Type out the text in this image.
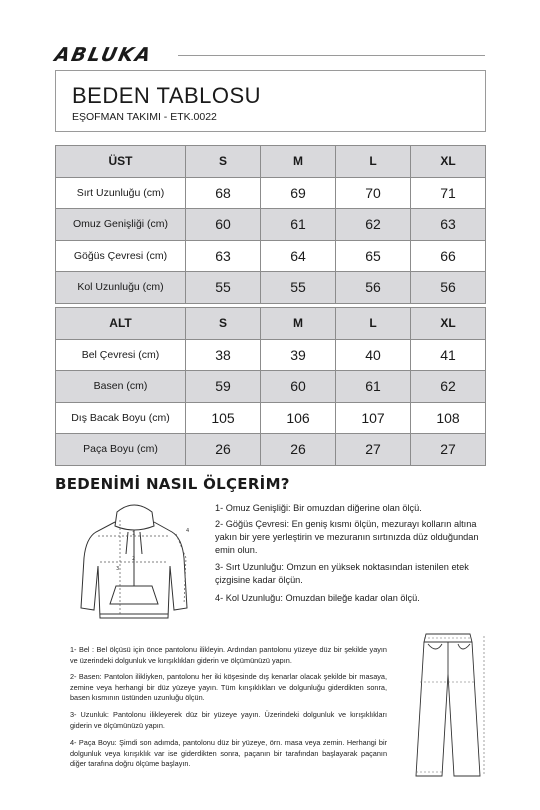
ABLUKA
BEDEN TABLOSU
EŞOFMAN TAKIMI - ETK.0022
ÜST	S	M	L	XL
Sırt Uzunluğu (cm)	68	69	70	71
Omuz Genişliği (cm)	60	61	62	63
Göğüs Çevresi (cm)	63	64	65	66
Kol Uzunluğu (cm)	55	55	56	56
ALT	S	M	L	XL
Bel Çevresi (cm)	38	39	40	41
Basen (cm)	59	60	61	62
Dış Bacak Boyu (cm)	105	106	107	108
Paça Boyu (cm)	26	26	27	27
BEDENİMİ NASIL ÖLÇERİM?
1
2
3
4
1- Omuz Genişliği: Bir omuzdan diğerine olan ölçü.
2- Göğüs Çevresi: En geniş kısmı ölçün, mezurayı kolların altına yakın bir yere yerleştirin ve mezuranın sırtınızda düz olduğundan emin olun.
3- Sırt Uzunluğu: Omzun en yüksek noktasından istenilen etek çizgisine kadar ölçün.
4- Kol Uzunluğu: Omuzdan bileğe kadar olan ölçü.
1- Bel : Bel ölçüsü için önce pantolonu ilikleyin. Ardından pantolonu yüzeye düz bir şekilde yayın ve üzerindeki dolgunluk ve kırışıklıkları giderin ve ölçümünüzü yapın.
2- Basen: Pantolon ilikliyken, pantolonu her iki köşesinde dış kenarlar olacak şekilde bir masaya, zemine veya herhangi bir düz yüzeye yayın. Tüm kırışıklıkları ve dolgunluğu giderdikten sonra, basen kısmının üstünden uzunluğu ölçün.
3- Uzunluk: Pantolonu ilikleyerek düz bir yüzeye yayın. Üzerindeki dolgunluk ve kırışıklıkları giderin ve ölçümünüzü yapın.
4- Paça Boyu: Şimdi son adımda, pantolonu düz bir yüzeye, örn. masa veya zemin. Herhangi bir dolgunluk veya kırışıklık var ise giderdikten sonra, paçanın bir tarafından başlayarak paçanın diğer tarafına doğru ölçüme başlayın.
